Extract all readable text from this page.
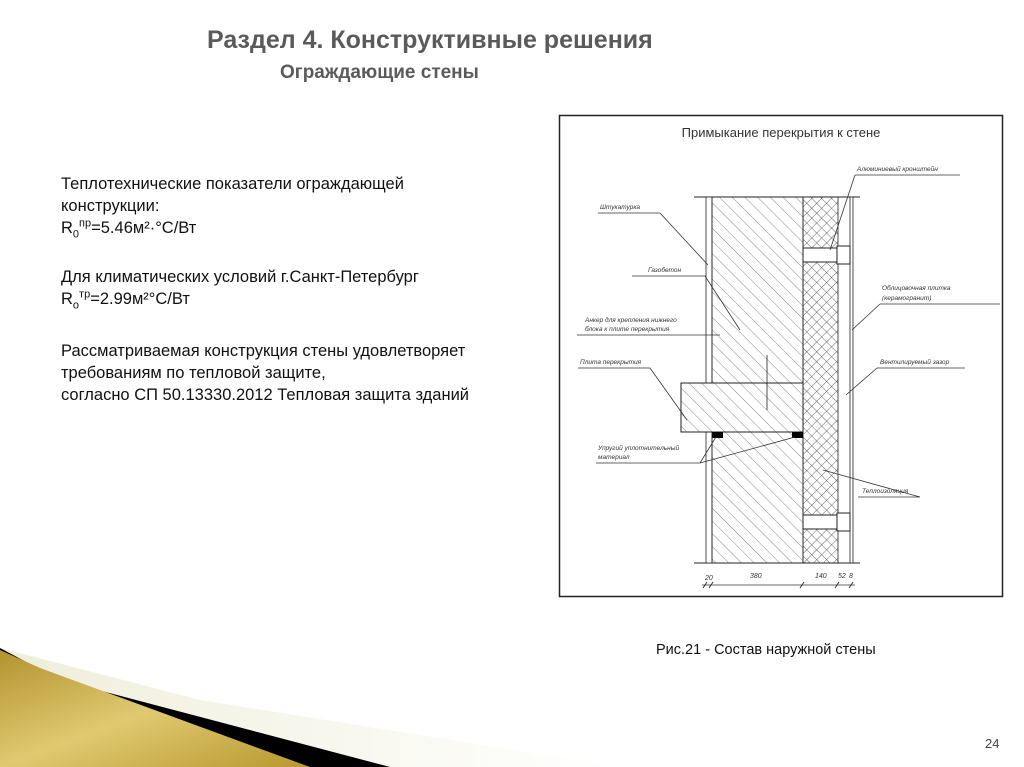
Раздел 4. Конструктивные решения
Ограждающие стены
Теплотехнические показатели ограждающей
конструкции:
$R_0^{пр}=5.46м^2\cdot^\circ С/Вт$
Для климатических условий г.Санкт-Петербург
$R_o^{тр}=2.99м^2^\circ С/Вт$
Рассматриваемая конструкция стены удовлетворяет
требованиям по тепловой защите,
согласно СП 50.13330.2012 Тепловая защита зданий
Примыкание перекрытия к стене
Алюминиевый кронштейн
Штукатурка
Газобетон
Анкер для крепления нижнего
блока к плите перекрытия
Облицовочная плитка
(керамогранит)
Плита перекрытия	Вентилируемый зазор
Упругий уплотнительный
материал
Теплоизоляция
20	380	140 52 8
Рис.21 - Состав наружной стены
24
